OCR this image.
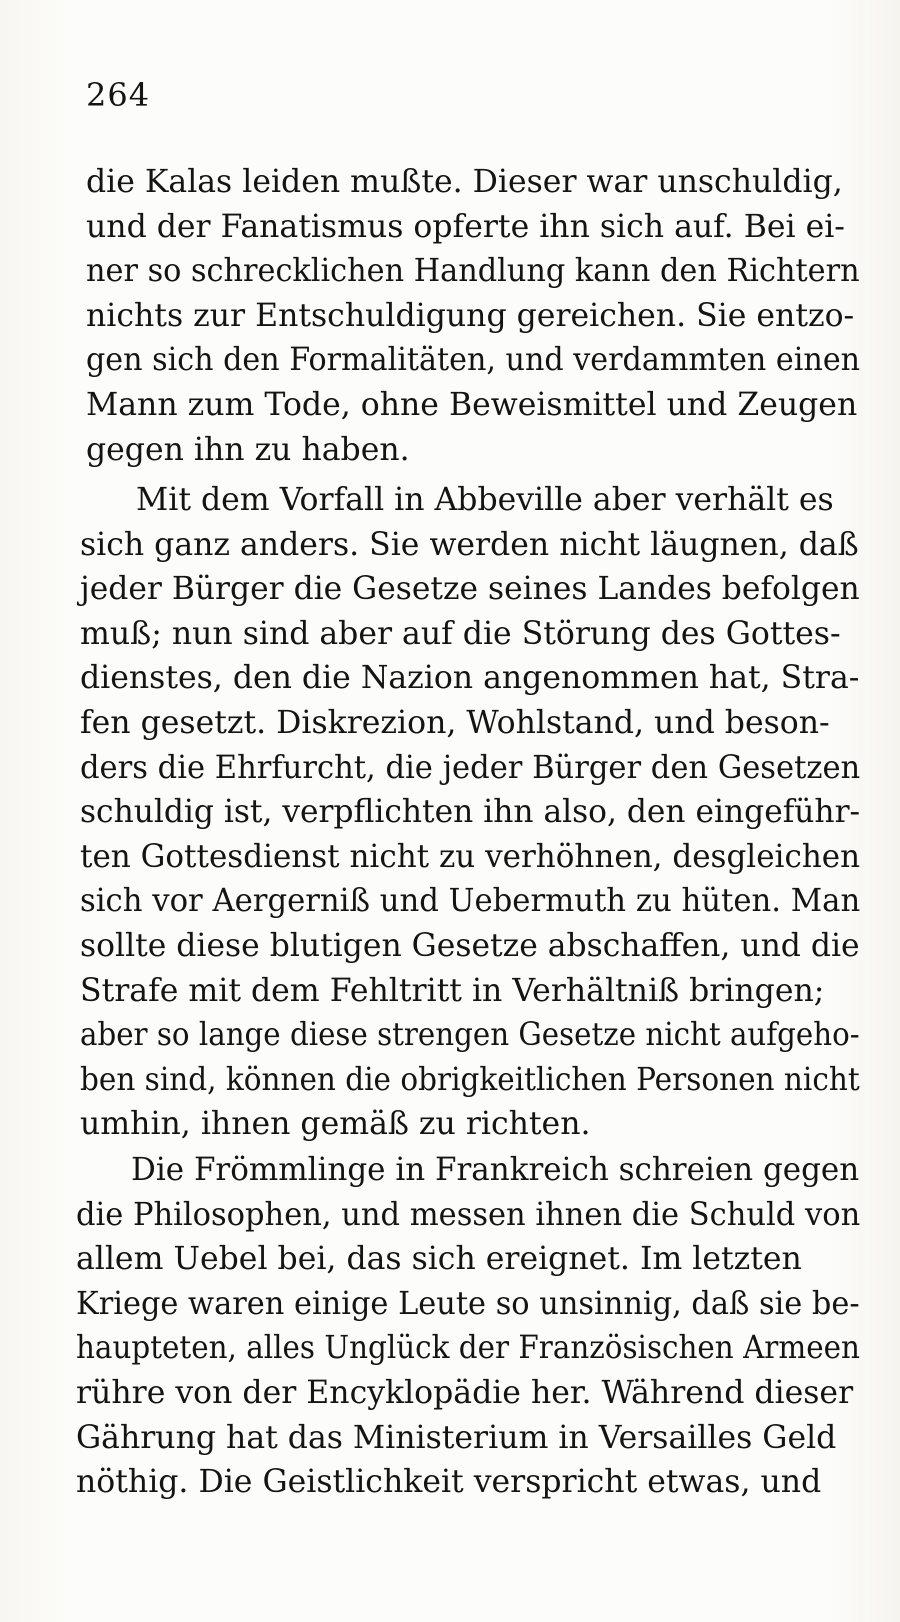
264
die Kalas leiden mußte. Dieser war unschuldig,
und der Fanatismus opferte ihn sich auf. Bei ei-
ner so schrecklichen Handlung kann den Richtern
nichts zur Entschuldigung gereichen. Sie entzo-
gen sich den Formalitäten, und verdammten einen
Mann zum Tode, ohne Beweismittel und Zeugen
gegen ihn zu haben.
Mit dem Vorfall in Abbeville aber verhält es
sich ganz anders. Sie werden nicht läugnen, daß
jeder Bürger die Gesetze seines Landes befolgen
muß; nun sind aber auf die Störung des Gottes-
dienstes, den die Nazion angenommen hat, Stra-
fen gesetzt. Diskrezion, Wohlstand, und beson-
ders die Ehrfurcht, die jeder Bürger den Gesetzen
schuldig ist, verpflichten ihn also, den eingeführ-
ten Gottesdienst nicht zu verhöhnen, desgleichen
sich vor Aergerniß und Uebermuth zu hüten. Man
sollte diese blutigen Gesetze abschaffen, und die
Strafe mit dem Fehltritt in Verhältniß bringen;
aber so lange diese strengen Gesetze nicht aufgeho-
ben sind, können die obrigkeitlichen Personen nicht
umhin, ihnen gemäß zu richten.
Die Frömmlinge in Frankreich schreien gegen
die Philosophen, und messen ihnen die Schuld von
allem Uebel bei, das sich ereignet. Im letzten
Kriege waren einige Leute so unsinnig, daß sie be-
haupteten, alles Unglück der Französischen Armeen
rühre von der Encyklopädie her. Während dieser
Gährung hat das Ministerium in Versailles Geld
nöthig. Die Geistlichkeit verspricht etwas, und
